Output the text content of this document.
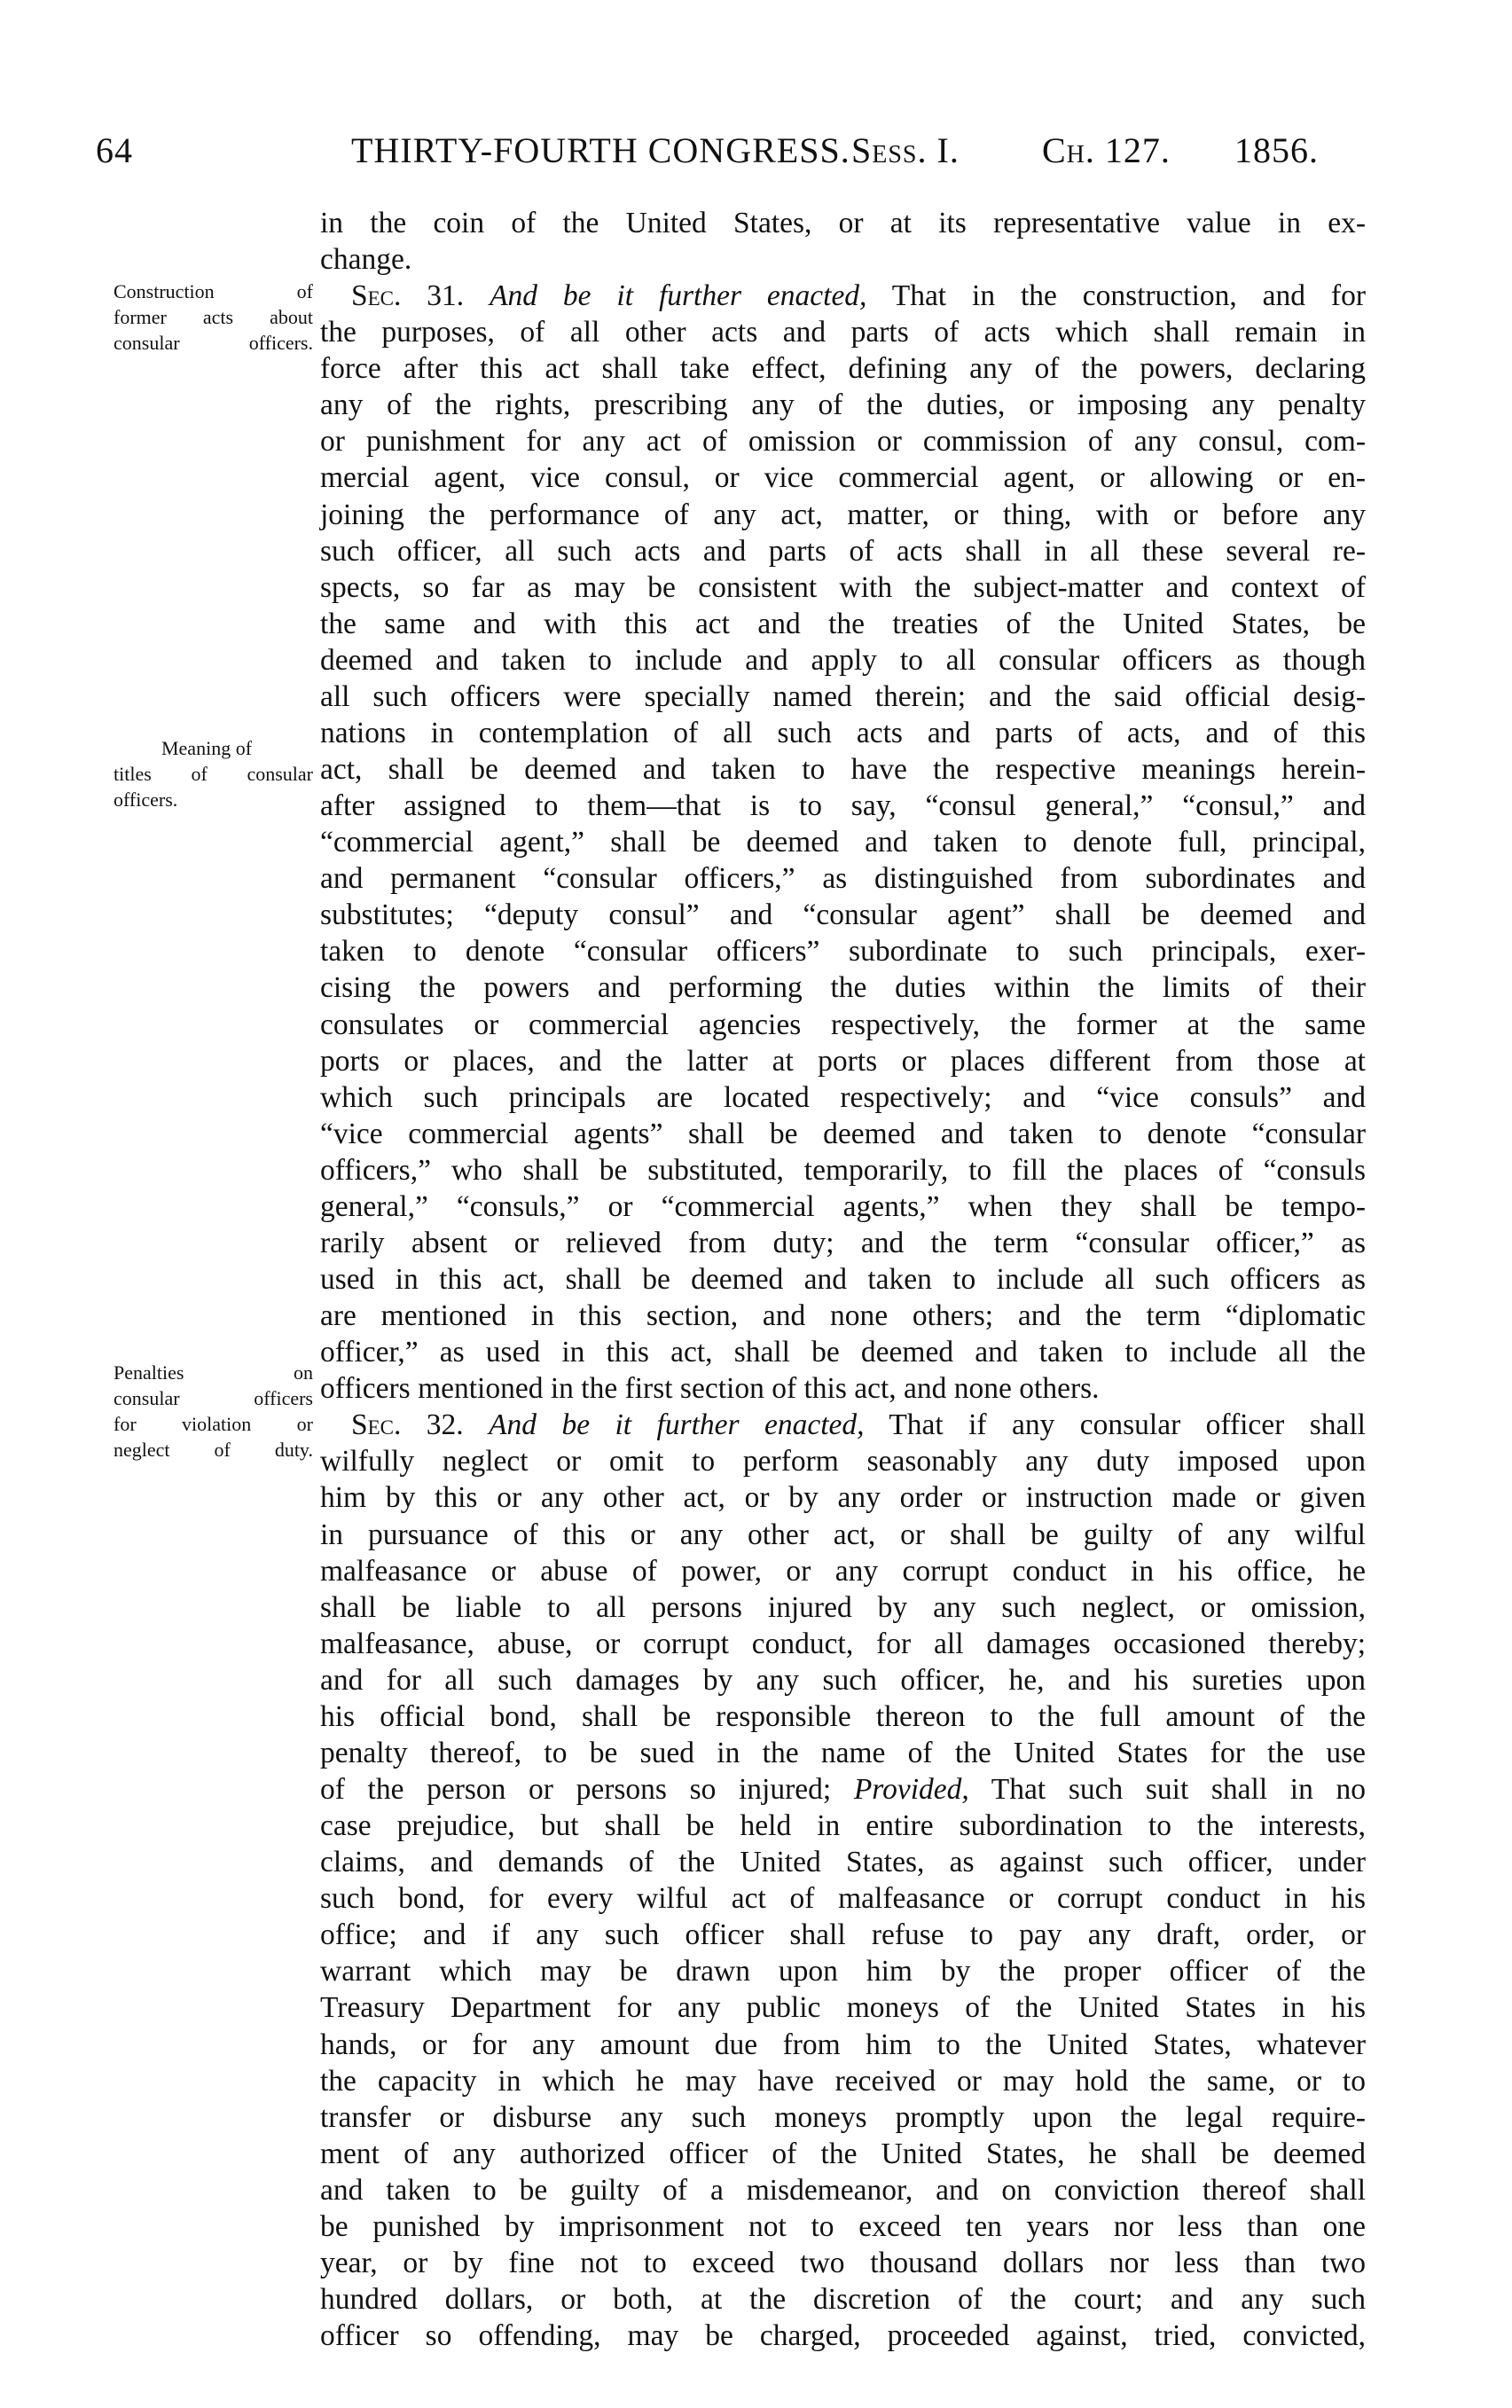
64	THIRTY-FOURTH CONGRESS. Sess. I. Ch. 127. 1856.
Construction of
former acts about
consular officers.
Meaning of
titles of consular
officers.
Penalties on
consular officers
for violation or
neglect of duty.
in the coin of the United States, or at its representative value in ex-
change.
Sec. 31. And be it further enacted, That in the construction, and for
the purposes, of all other acts and parts of acts which shall remain in
force after this act shall take effect, defining any of the powers, declaring
any of the rights, prescribing any of the duties, or imposing any penalty
or punishment for any act of omission or commission of any consul, com-
mercial agent, vice consul, or vice commercial agent, or allowing or en-
joining the performance of any act, matter, or thing, with or before any
such officer, all such acts and parts of acts shall in all these several re-
spects, so far as may be consistent with the subject-matter and context of
the same and with this act and the treaties of the United States, be
deemed and taken to include and apply to all consular officers as though
all such officers were specially named therein; and the said official desig-
nations in contemplation of all such acts and parts of acts, and of this
act, shall be deemed and taken to have the respective meanings herein-
after assigned to them—that is to say, “consul general,” “consul,” and
“commercial agent,” shall be deemed and taken to denote full, principal,
and permanent “consular officers,” as distinguished from subordinates and
substitutes; “deputy consul” and “consular agent” shall be deemed and
taken to denote “consular officers” subordinate to such principals, exer-
cising the powers and performing the duties within the limits of their
consulates or commercial agencies respectively, the former at the same
ports or places, and the latter at ports or places different from those at
which such principals are located respectively; and “vice consuls” and
“vice commercial agents” shall be deemed and taken to denote “consular
officers,” who shall be substituted, temporarily, to fill the places of “consuls
general,” “consuls,” or “commercial agents,” when they shall be tempo-
rarily absent or relieved from duty; and the term “consular officer,” as
used in this act, shall be deemed and taken to include all such officers as
are mentioned in this section, and none others; and the term “diplomatic
officer,” as used in this act, shall be deemed and taken to include all the
officers mentioned in the first section of this act, and none others.
Sec. 32. And be it further enacted, That if any consular officer shall
wilfully neglect or omit to perform seasonably any duty imposed upon
him by this or any other act, or by any order or instruction made or given
in pursuance of this or any other act, or shall be guilty of any wilful
malfeasance or abuse of power, or any corrupt conduct in his office, he
shall be liable to all persons injured by any such neglect, or omission,
malfeasance, abuse, or corrupt conduct, for all damages occasioned thereby;
and for all such damages by any such officer, he, and his sureties upon
his official bond, shall be responsible thereon to the full amount of the
penalty thereof, to be sued in the name of the United States for the use
of the person or persons so injured; Provided, That such suit shall in no
case prejudice, but shall be held in entire subordination to the interests,
claims, and demands of the United States, as against such officer, under
such bond, for every wilful act of malfeasance or corrupt conduct in his
office; and if any such officer shall refuse to pay any draft, order, or
warrant which may be drawn upon him by the proper officer of the
Treasury Department for any public moneys of the United States in his
hands, or for any amount due from him to the United States, whatever
the capacity in which he may have received or may hold the same, or to
transfer or disburse any such moneys promptly upon the legal require-
ment of any authorized officer of the United States, he shall be deemed
and taken to be guilty of a misdemeanor, and on conviction thereof shall
be punished by imprisonment not to exceed ten years nor less than one
year, or by fine not to exceed two thousand dollars nor less than two
hundred dollars, or both, at the discretion of the court; and any such
officer so offending, may be charged, proceeded against, tried, convicted,
